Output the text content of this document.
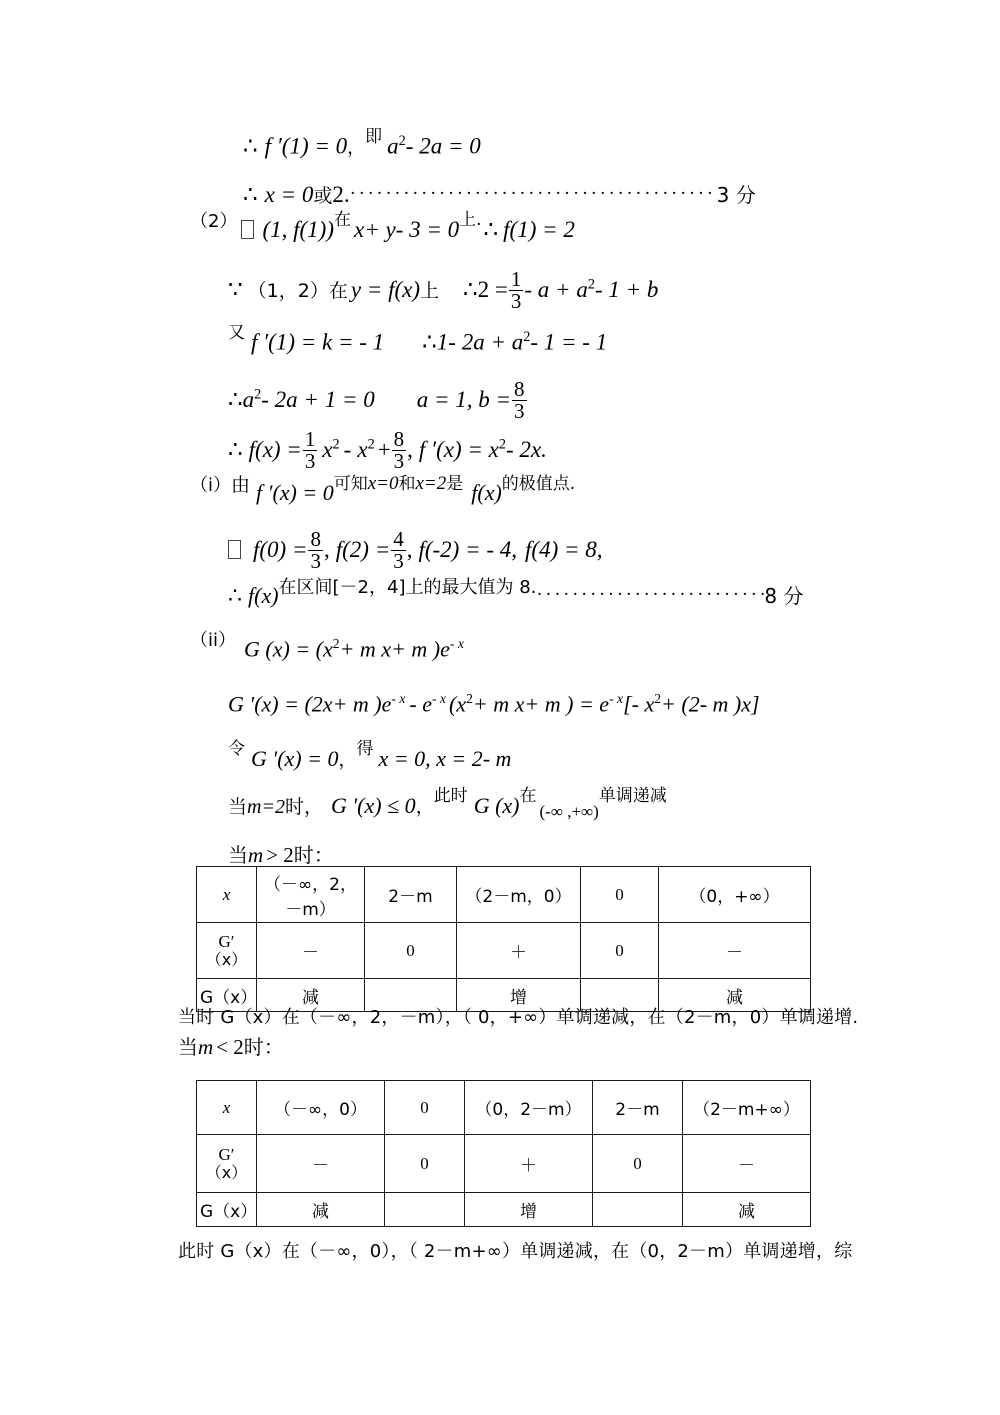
∴ f ′(1) = 0，$^即$ $a^2-$ 2a = 0
∴ x = 0或2. ·····	3 分
$^{(2)}$ (1, f(1))$^在$ x+ y- $3 = 0^{上.}\therefore$ f(1) = 2
∵ （1，2）在 y = f(x)上 ∴2 = $\frac{1}{3} - a + a^2-$ 1 + b
$^又$ f ′(1) = k = - 1 ∴1- $2a + a^2-$ 1 = - 1
$\therefore a^2-$ 2a + 1 = 0 a = 1, $b = \frac{8}{3}$
∴ $f(x) = \frac{1}{3} x^2 - x^2 + \frac{8}{3}$ , f $'(x) = x^2-$ 2x.
$^{(i)}$由 f $'(x) = 0^{可知}x=0^和x=2^是$ $f(x)^{的极值点.}$
$f(0) = \frac{8}{3}$ , $f(2) = \frac{4}{3}$ , f(-2) = - 4, f(4) = 8,
∴ $f(x)^{在区间[-2,4]上的最大值为 8.}$ ·····	8 分
$^{(ii)}$ G $(x) = (x^2+ m$ x+ m )$e^{- x}$
G ′(x) = (2x+ m )$e^{- x} - e^{- x}$ ($x^2+ m$ x+ m ) = $e^{- x}[-$ $x^2+ (2-$ m )x]
$^令$ G ′(x) = 0，$^得$ x = 0, x = 2- m
当m=2时， G ′(x) ≤ 0，$^{此时}$ G $(x)^在(-\infty$ ,+∞)$^{单调递减}$
当m > 2时：
x	（－∞，2，－m）	2－m	（2－m，0）	0	（0，+∞）

G′
（x）	－	0	＋	0	－
G（x）	减		增		减
当时 G（x）在（－∞，2，－m），（ 0，+∞）单调递减，在（2－m，0）单调递增.
当m < 2时：
x	（－∞，0）	0	（0，2－m）	2－m	（2－m+∞）

G′
（x）	－	0	＋	0	－
G（x）	减		增		减
此时 G（x）在（－∞，0），（ 2－m+∞）单调递减，在（0，2－m）单调递增，综
